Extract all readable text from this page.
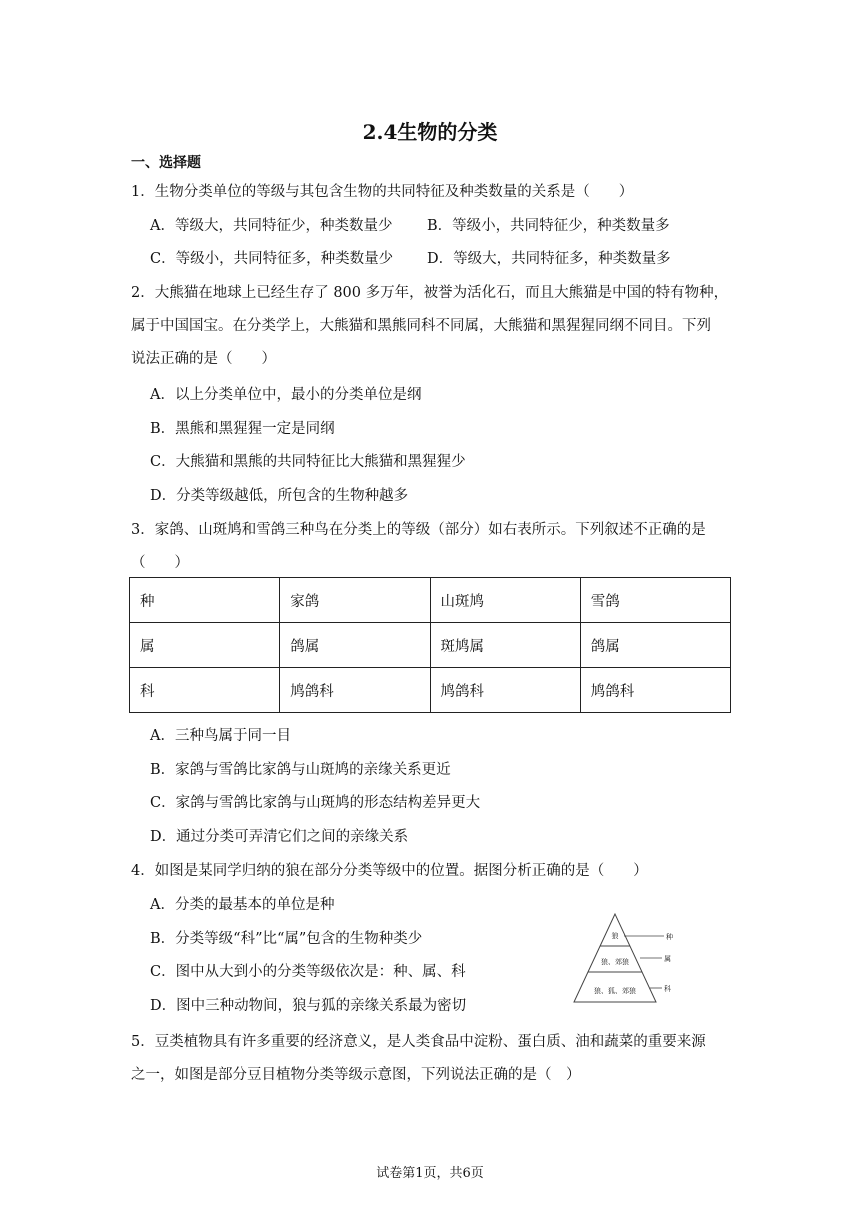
2.4生物的分类
一、选择题
1．生物分类单位的等级与其包含生物的共同特征及种类数量的关系是（　　）
A．等级大，共同特征少，种类数量少 B．等级小，共同特征少，种类数量多
C．等级小，共同特征多，种类数量少 D．等级大，共同特征多，种类数量多
2．大熊猫在地球上已经生存了 800 多万年，被誉为活化石，而且大熊猫是中国的特有物种，
属于中国国宝。在分类学上，大熊猫和黑熊同科不同属，大熊猫和黑猩猩同纲不同目。下列
说法正确的是（　　）
A．以上分类单位中，最小的分类单位是纲
B．黑熊和黑猩猩一定是同纲
C．大熊猫和黑熊的共同特征比大熊猫和黑猩猩少
D．分类等级越低，所包含的生物种越多
3．家鸽、山斑鸠和雪鸽三种鸟在分类上的等级（部分）如右表所示。下列叙述不正确的是
（　　）
种	家鸽	山斑鸠	雪鸽
属	鸽属	斑鸠属	鸽属
科	鸠鸽科	鸠鸽科	鸠鸽科
A．三种鸟属于同一目
B．家鸽与雪鸽比家鸽与山斑鸠的亲缘关系更近
C．家鸽与雪鸽比家鸽与山斑鸠的形态结构差异更大
D．通过分类可弄清它们之间的亲缘关系
4．如图是某同学归纳的狼在部分分类等级中的位置。据图分析正确的是（　　）
A．分类的最基本的单位是种
B．分类等级“科”比“属”包含的生物种类少
C．图中从大到小的分类等级依次是：种、属、科
D．图中三种动物间，狼与狐的亲缘关系最为密切
狼
狼、郊狼
狼、狐、郊狼
种
属
科
5．豆类植物具有许多重要的经济意义，是人类食品中淀粉、蛋白质、油和蔬菜的重要来源
之一，如图是部分豆目植物分类等级示意图，下列说法正确的是（　）
试卷第1页，共6页
